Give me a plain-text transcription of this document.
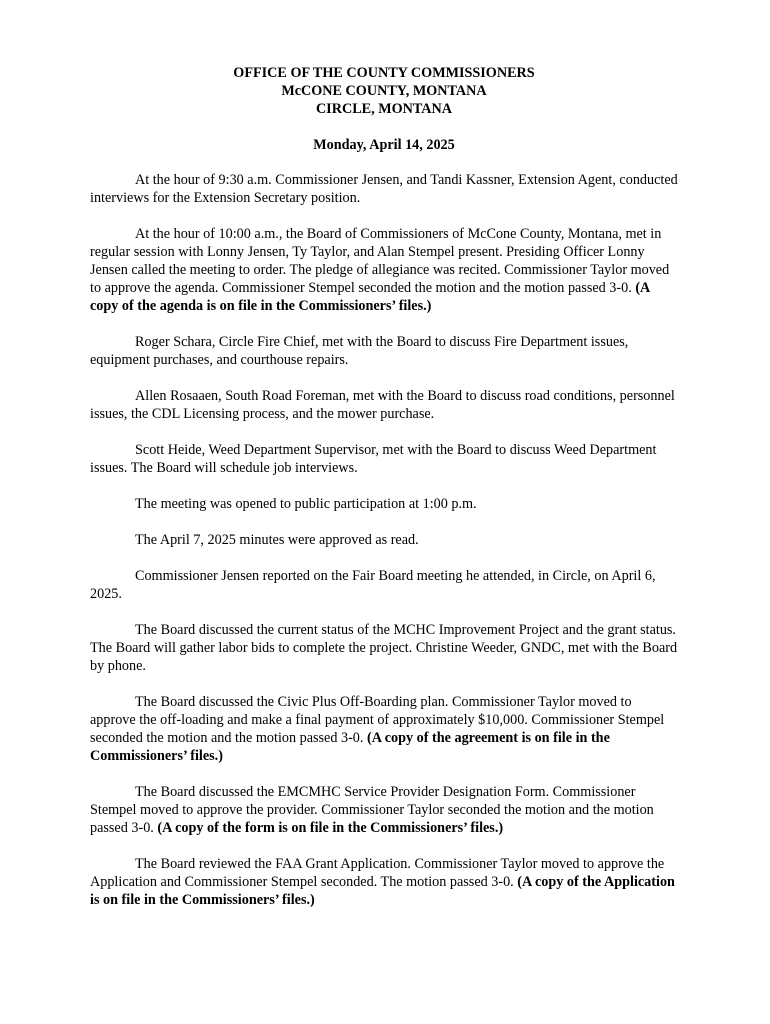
OFFICE OF THE COUNTY COMMISSIONERS
McCONE COUNTY, MONTANA
CIRCLE, MONTANA
Monday, April 14, 2025

At the hour of 9:30 a.m. Commissioner Jensen, and Tandi Kassner, Extension Agent, conducted interviews for the Extension Secretary position.

At the hour of 10:00 a.m., the Board of Commissioners of McCone County, Montana, met in regular session with Lonny Jensen, Ty Taylor, and Alan Stempel present. Presiding Officer Lonny Jensen called the meeting to order. The pledge of allegiance was recited. Commissioner Taylor moved to approve the agenda. Commissioner Stempel seconded the motion and the motion passed 3-0. (A copy of the agenda is on file in the Commissioners’ files.)

Roger Schara, Circle Fire Chief, met with the Board to discuss Fire Department issues, equipment purchases, and courthouse repairs.

Allen Rosaaen, South Road Foreman, met with the Board to discuss road conditions, personnel issues, the CDL Licensing process, and the mower purchase.

Scott Heide, Weed Department Supervisor, met with the Board to discuss Weed Department issues. The Board will schedule job interviews.

The meeting was opened to public participation at 1:00 p.m.

The April 7, 2025 minutes were approved as read.

Commissioner Jensen reported on the Fair Board meeting he attended, in Circle, on April 6, 2025.

The Board discussed the current status of the MCHC Improvement Project and the grant status. The Board will gather labor bids to complete the project. Christine Weeder, GNDC, met with the Board by phone.

The Board discussed the Civic Plus Off-Boarding plan. Commissioner Taylor moved to approve the off-loading and make a final payment of approximately $10,000. Commissioner Stempel seconded the motion and the motion passed 3-0. (A copy of the agreement is on file in the Commissioners’ files.)

The Board discussed the EMCMHC Service Provider Designation Form. Commissioner Stempel moved to approve the provider. Commissioner Taylor seconded the motion and the motion passed 3-0. (A copy of the form is on file in the Commissioners’ files.)

The Board reviewed the FAA Grant Application. Commissioner Taylor moved to approve the Application and Commissioner Stempel seconded. The motion passed 3-0. (A copy of the Application is on file in the Commissioners’ files.)
